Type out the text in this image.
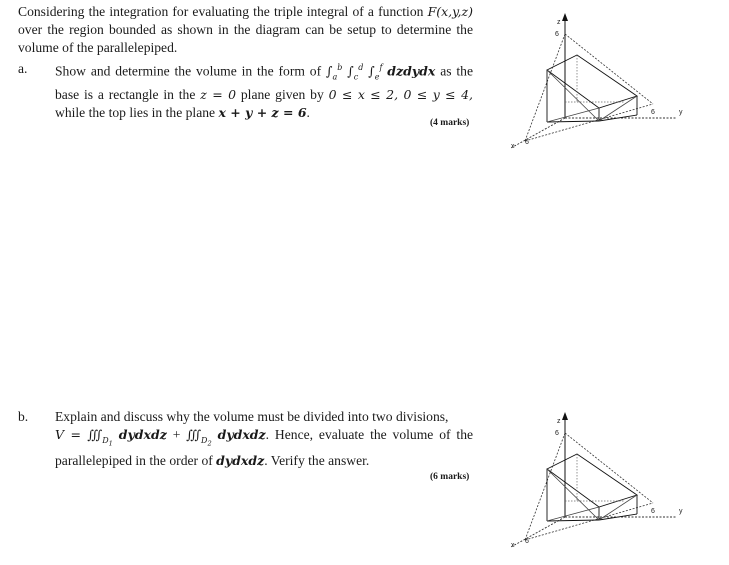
Considering the integration for evaluating the triple integral of a function F(x,y,z) over the region bounded as shown in the diagram can be setup to determine the volume of the parallelepiped.
a. Show and determine the volume in the form of $\int_a^b$ $\int_c^d$ $\int_e^f$ dzdydx as the base is a rectangle in the z = 0 plane given by 0 ≤ x ≤ 2, 0 ≤ y ≤ 4, while the top lies in the plane x + y + z = 6.
(4 marks)
b. Explain and discuss why the volume must be divided into two divisions,
$V = ∭_{D_1}$ dydxdz + $∭_{D_2}$ dydxdz. Hence, evaluate the volume of the parallelepiped in the order of dydxdz. Verify the answer.
(6 marks)
z
6
y
6
x
6
z
6
y
6
x
6
